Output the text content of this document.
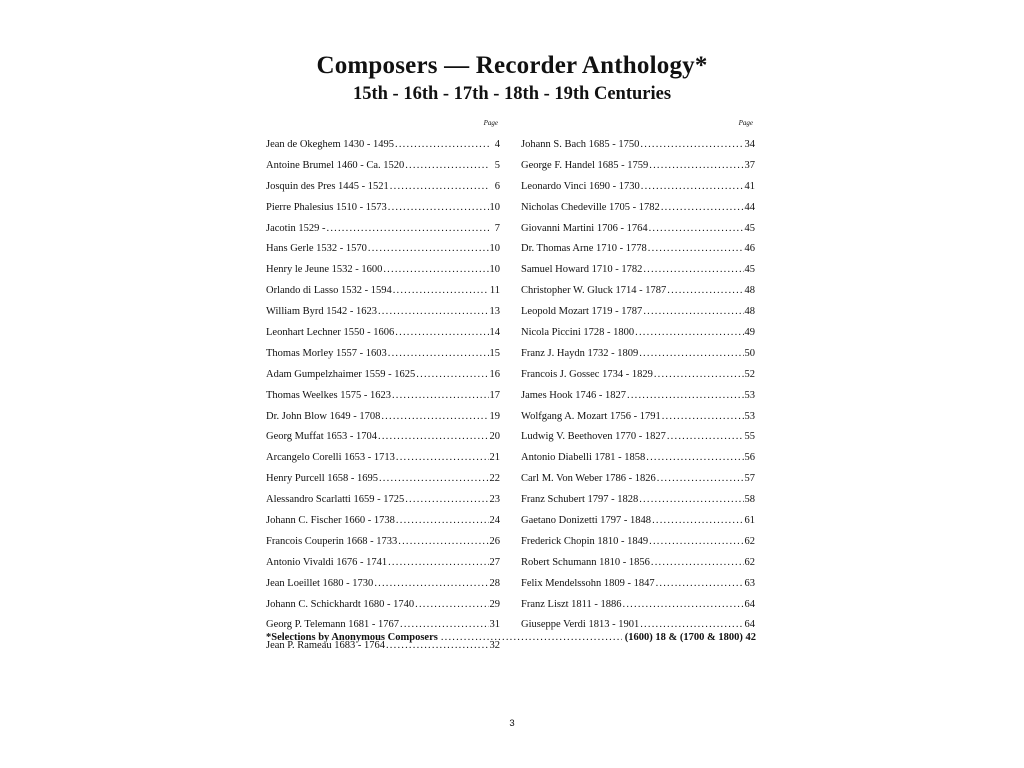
Composers — Recorder Anthology*
15th - 16th - 17th - 18th - 19th Centuries
Page
Jean de Okeghem 1430 - 1495 .....	4
Antoine Brumel 1460 - Ca. 1520 .....	5
Josquin des Pres 1445 - 1521 .....	6
Pierre Phalesius 1510 - 1573 .....	10
Jacotin 1529 - .....	7
Hans Gerle 1532 - 1570 .....	10
Henry le Jeune 1532 - 1600 .....	10
Orlando di Lasso 1532 - 1594 .....	11
William Byrd 1542 - 1623 .....	13
Leonhart Lechner 1550 - 1606 .....	14
Thomas Morley 1557 - 1603 .....	15
Adam Gumpelzhaimer 1559 - 1625 .....	16
Thomas Weelkes 1575 - 1623 .....	17
Dr. John Blow 1649 - 1708 .....	19
Georg Muffat 1653 - 1704 .....	20
Arcangelo Corelli 1653 - 1713 .....	21
Henry Purcell 1658 - 1695 .....	22
Alessandro Scarlatti 1659 - 1725 .....	23
Johann C. Fischer 1660 - 1738 .....	24
Francois Couperin 1668 - 1733 .....	26
Antonio Vivaldi 1676 - 1741 .....	27
Jean Loeillet 1680 - 1730 .....	28
Johann C. Schickhardt 1680 - 1740 .....	29
Georg P. Telemann 1681 - 1767 .....	31
Jean P. Rameau 1683 - 1764 .....	32
Page
Johann S. Bach 1685 - 1750 .....	34
George F. Handel 1685 - 1759 .....	37
Leonardo Vinci 1690 - 1730 .....	41
Nicholas Chedeville 1705 - 1782 .....	44
Giovanni Martini 1706 - 1764 .....	45
Dr. Thomas Arne 1710 - 1778 .....	46
Samuel Howard 1710 - 1782 .....	45
Christopher W. Gluck 1714 - 1787 .....	48
Leopold Mozart 1719 - 1787 .....	48
Nicola Piccini 1728 - 1800 .....	49
Franz J. Haydn 1732 - 1809 .....	50
Francois J. Gossec 1734 - 1829 .....	52
James Hook 1746 - 1827 .....	53
Wolfgang A. Mozart 1756 - 1791 .....	53
Ludwig V. Beethoven 1770 - 1827 .....	55
Antonio Diabelli 1781 - 1858 .....	56
Carl M. Von Weber 1786 - 1826 .....	57
Franz Schubert 1797 - 1828 .....	58
Gaetano Donizetti 1797 - 1848 .....	61
Frederick Chopin 1810 - 1849 .....	62
Robert Schumann 1810 - 1856 .....	62
Felix Mendelssohn 1809 - 1847 .....	63
Franz Liszt 1811 - 1886 .....	64
Giuseppe Verdi 1813 - 1901 .....	64
*Selections by Anonymous Composers .....	(1600) 18 & (1700 & 1800) 42
3
